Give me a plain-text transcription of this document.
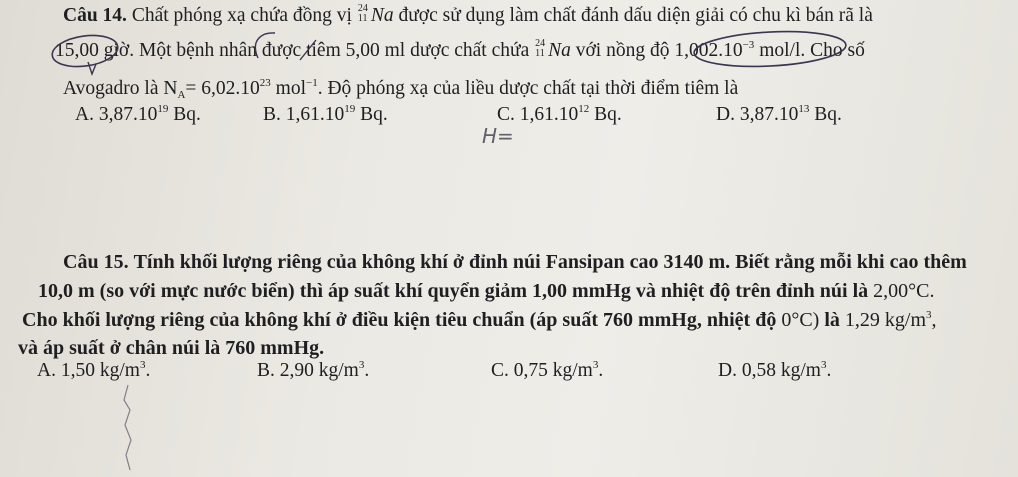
Câu 14. Chất phóng xạ chứa đồng vị 24
11 Na được sử dụng làm chất đánh dấu diện giải có chu kì bán rã là
15,00 giờ. Một bệnh nhân được tiêm 5,00 ml dược chất chứa 24
11 Na với nồng độ $1,002.10^{-3}$ mol/l. Cho số
Avogadro là $N_A= 6,02.10^{23}$ mol$^{-1}$. Độ phóng xạ của liều dược chất tại thời điểm tiêm là
A. 3,87.10$^{19}$ Bq.	B. 1,61.10$^{19}$ Bq.	C. 1,61.10$^{12}$ Bq.	D. 3,87.10$^{13}$ Bq.
H=
Câu 15. Tính khối lượng riêng của không khí ở đỉnh núi Fansipan cao 3140 m. Biết rằng mỗi khi cao thêm
10,0 m (so với mực nước biển) thì áp suất khí quyển giảm 1,00 mmHg và nhiệt độ trên đỉnh núi là 2,00°C.
Cho khối lượng riêng của không khí ở điều kiện tiêu chuẩn (áp suất 760 mmHg, nhiệt độ 0°C) là 1,29 $kg/m^3$,
và áp suất ở chân núi là 760 mmHg.
A. 1,50 $kg/m^3$.	B. 2,90 $kg/m^3$.	C. 0,75 $kg/m^3$.	D. 0,58 $kg/m^3$.
